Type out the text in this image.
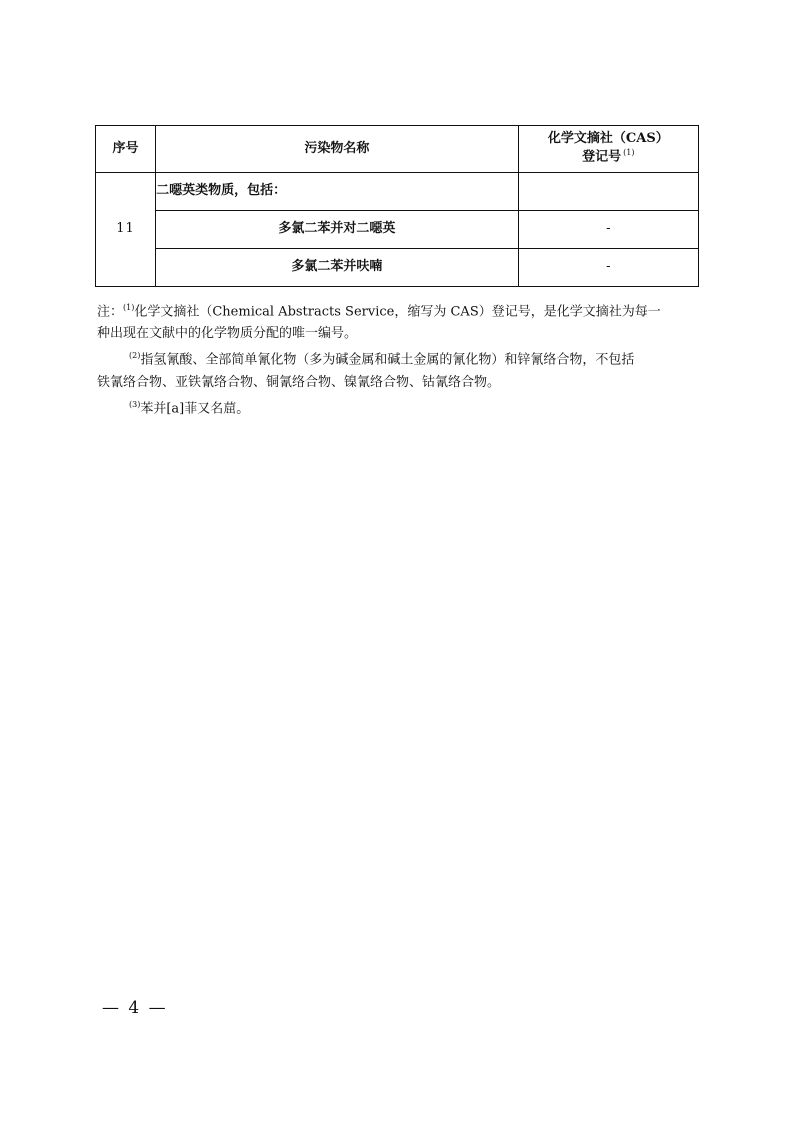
序号	污染物名称	化学文摘社（CAS）
登记号 $^{(1)}$

11	二噁英类物质，包括：	
	多氯二苯并对二噁英	-
	多氯二苯并呋喃	-
注：$^{(1)}$化学文摘社（Chemical Abstracts Service，缩写为 CAS）登记号，是化学文摘社为每一
种出现在文献中的化学物质分配的唯一编号。
$^{(2)}$指氢氰酸、全部简单氰化物（多为碱金属和碱土金属的氰化物）和锌氰络合物，不包括
铁氰络合物、亚铁氰络合物、铜氰络合物、镍氰络合物、钴氰络合物。
$^{(3)}$苯并[a]菲又名䓛。
— 4 —
